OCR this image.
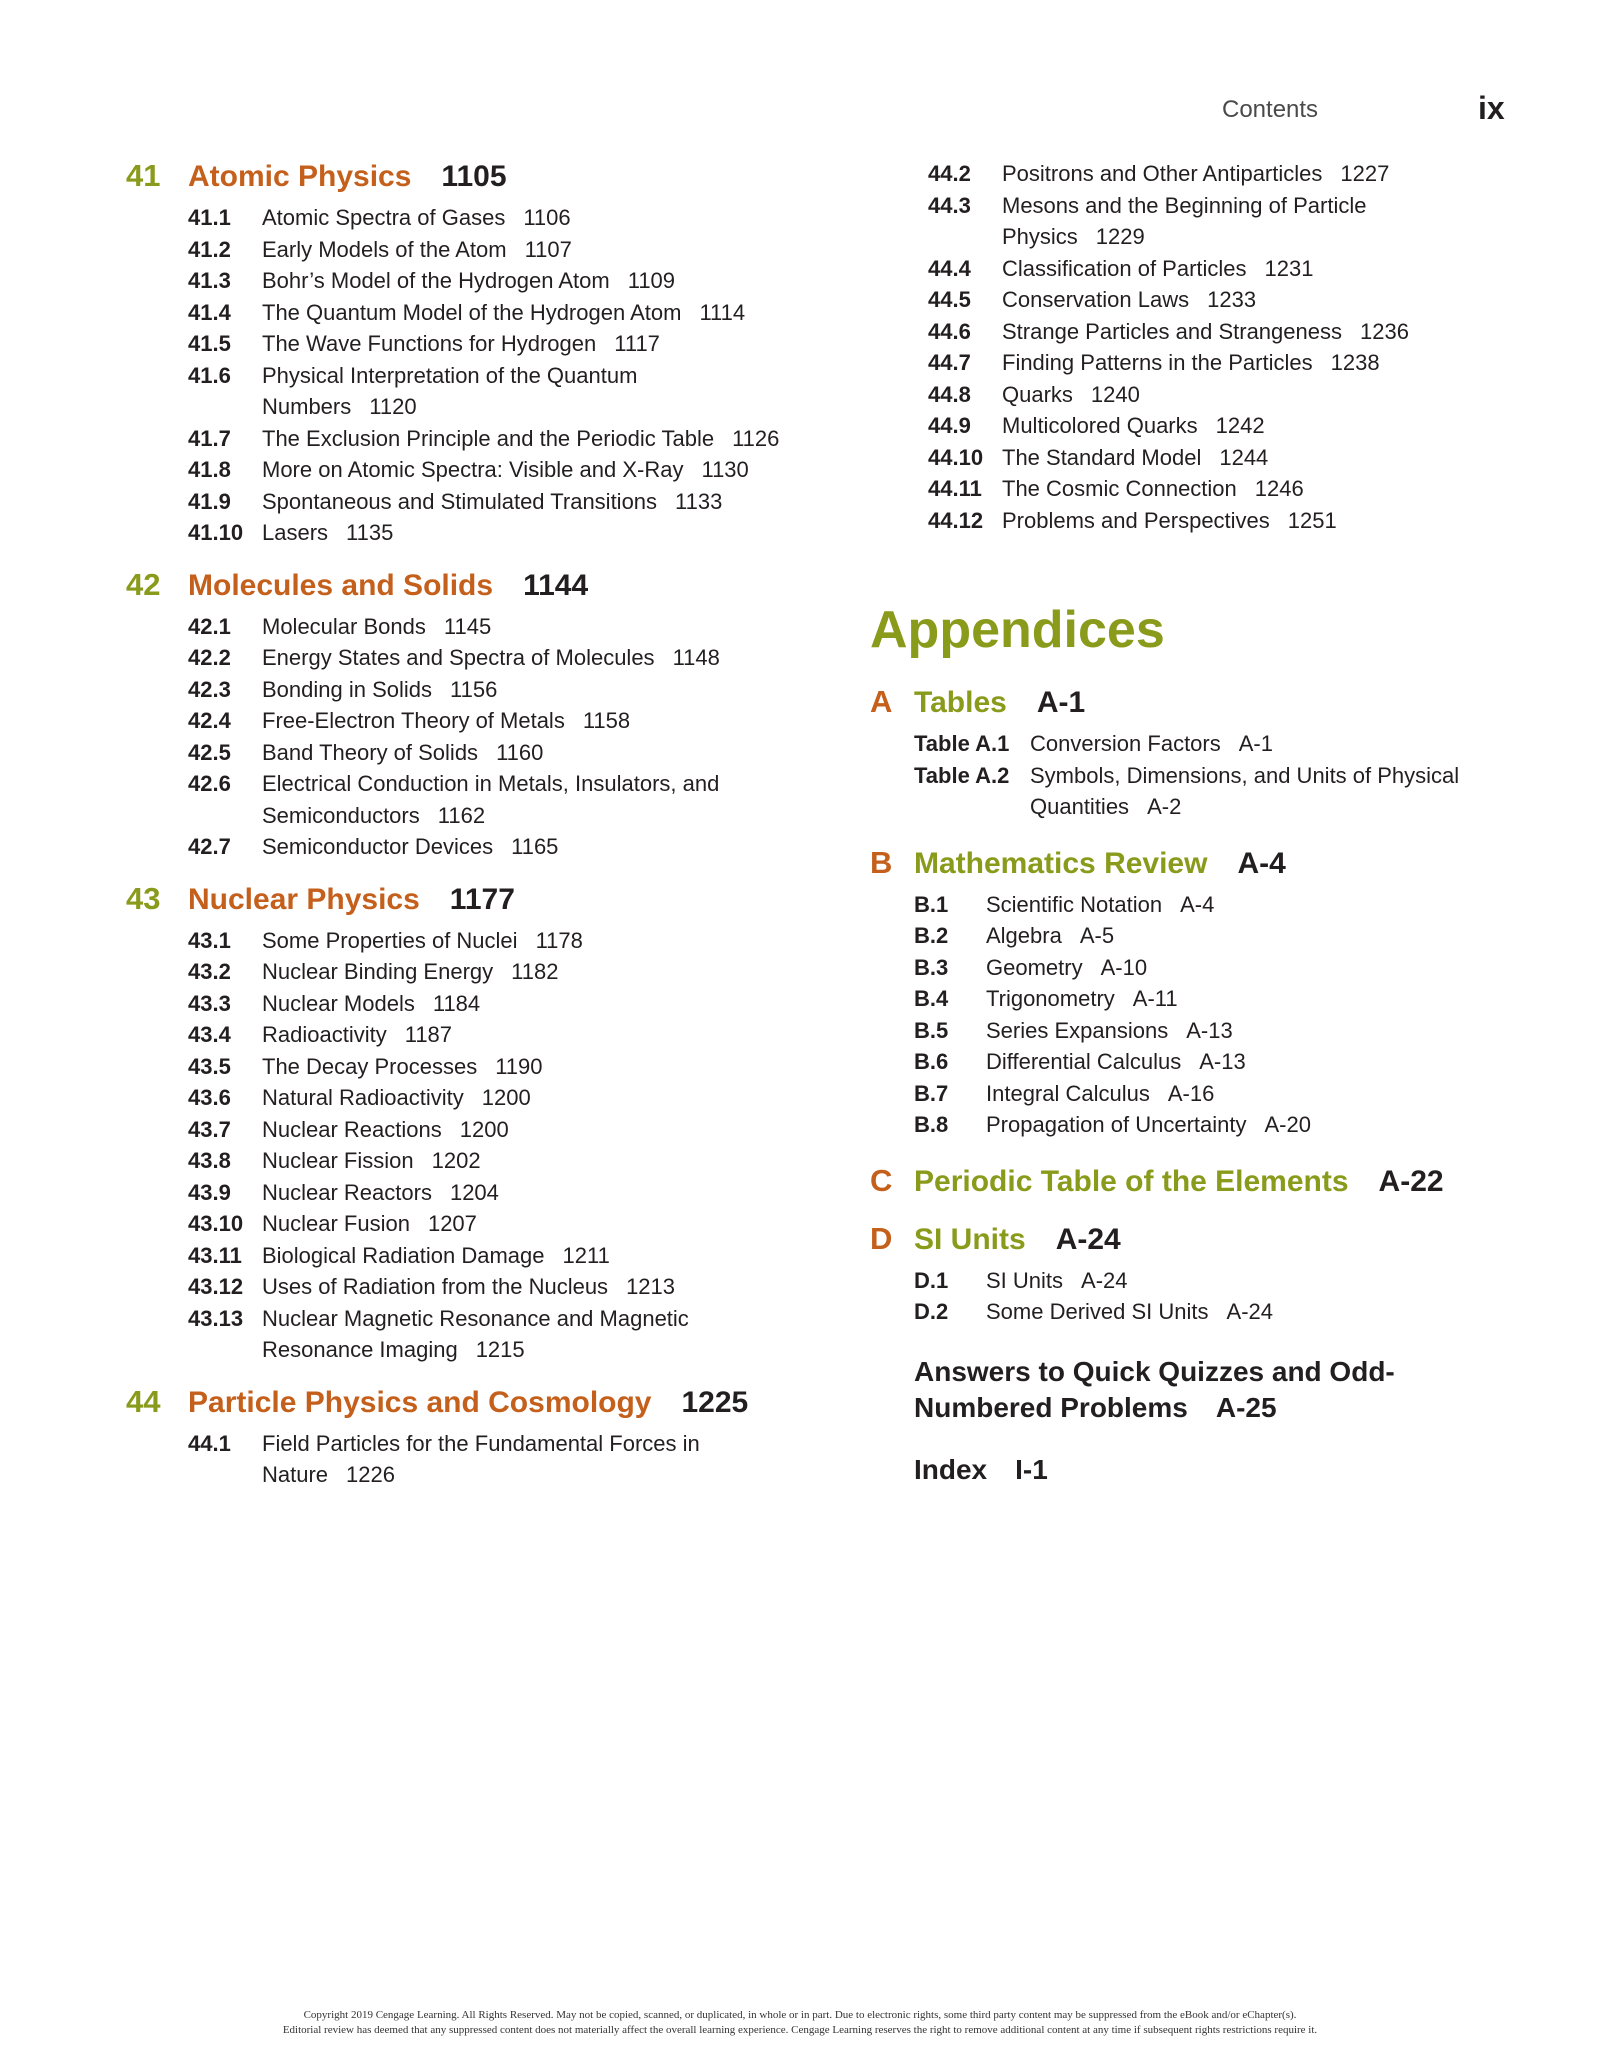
Contents	ix
41 Atomic Physics 1105
41.1	Atomic Spectra of Gases 1106
41.2	Early Models of the Atom 1107
41.3	Bohr’s Model of the Hydrogen Atom 1109
41.4	The Quantum Model of the Hydrogen Atom 1114
41.5	The Wave Functions for Hydrogen 1117
41.6	Physical Interpretation of the Quantum Numbers 1120
41.7	The Exclusion Principle and the Periodic Table 1126
41.8	More on Atomic Spectra: Visible and X-Ray 1130
41.9	Spontaneous and Stimulated Transitions 1133
41.10 Lasers 1135
42 Molecules and Solids 1144
42.1	Molecular Bonds 1145
42.2	Energy States and Spectra of Molecules 1148
42.3	Bonding in Solids 1156
42.4	Free-Electron Theory of Metals 1158
42.5	Band Theory of Solids 1160
42.6	Electrical Conduction in Metals, Insulators, and Semiconductors 1162
42.7	Semiconductor Devices 1165
43 Nuclear Physics 1177
43.1	Some Properties of Nuclei 1178
43.2	Nuclear Binding Energy 1182
43.3	Nuclear Models 1184
43.4	Radioactivity 1187
43.5	The Decay Processes 1190
43.6	Natural Radioactivity 1200
43.7	Nuclear Reactions 1200
43.8	Nuclear Fission 1202
43.9	Nuclear Reactors 1204
43.10 Nuclear Fusion 1207
43.11 Biological Radiation Damage 1211
43.12 Uses of Radiation from the Nucleus 1213
43.13 Nuclear Magnetic Resonance and Magnetic Resonance Imaging 1215
44 Particle Physics and Cosmology 1225
44.1	Field Particles for the Fundamental Forces in Nature 1226
44.2	Positrons and Other Antiparticles 1227
44.3	Mesons and the Beginning of Particle Physics 1229
44.4	Classification of Particles 1231
44.5	Conservation Laws 1233
44.6	Strange Particles and Strangeness 1236
44.7	Finding Patterns in the Particles 1238
44.8	Quarks 1240
44.9	Multicolored Quarks 1242
44.10 The Standard Model 1244
44.11 The Cosmic Connection 1246
44.12 Problems and Perspectives 1251
Appendices
A Tables A-1
Table A.1 Conversion Factors A-1
Table A.2 Symbols, Dimensions, and Units of Physical Quantities A-2
B Mathematics Review A-4
B.1	Scientific Notation A-4
B.2	Algebra A-5
B.3	Geometry A-10
B.4	Trigonometry A-11
B.5	Series Expansions A-13
B.6	Differential Calculus A-13
B.7	Integral Calculus A-16
B.8	Propagation of Uncertainty A-20
C Periodic Table of the Elements A-22
D SI Units A-24
D.1	SI Units A-24
D.2	Some Derived SI Units A-24
Answers to Quick Quizzes and Odd-Numbered Problems A-25
Index I-1
Copyright 2019 Cengage Learning. All Rights Reserved. May not be copied, scanned, or duplicated, in whole or in part. Due to electronic rights, some third party content may be suppressed from the eBook and/or eChapter(s).
Editorial review has deemed that any suppressed content does not materially affect the overall learning experience. Cengage Learning reserves the right to remove additional content at any time if subsequent rights restrictions require it.
